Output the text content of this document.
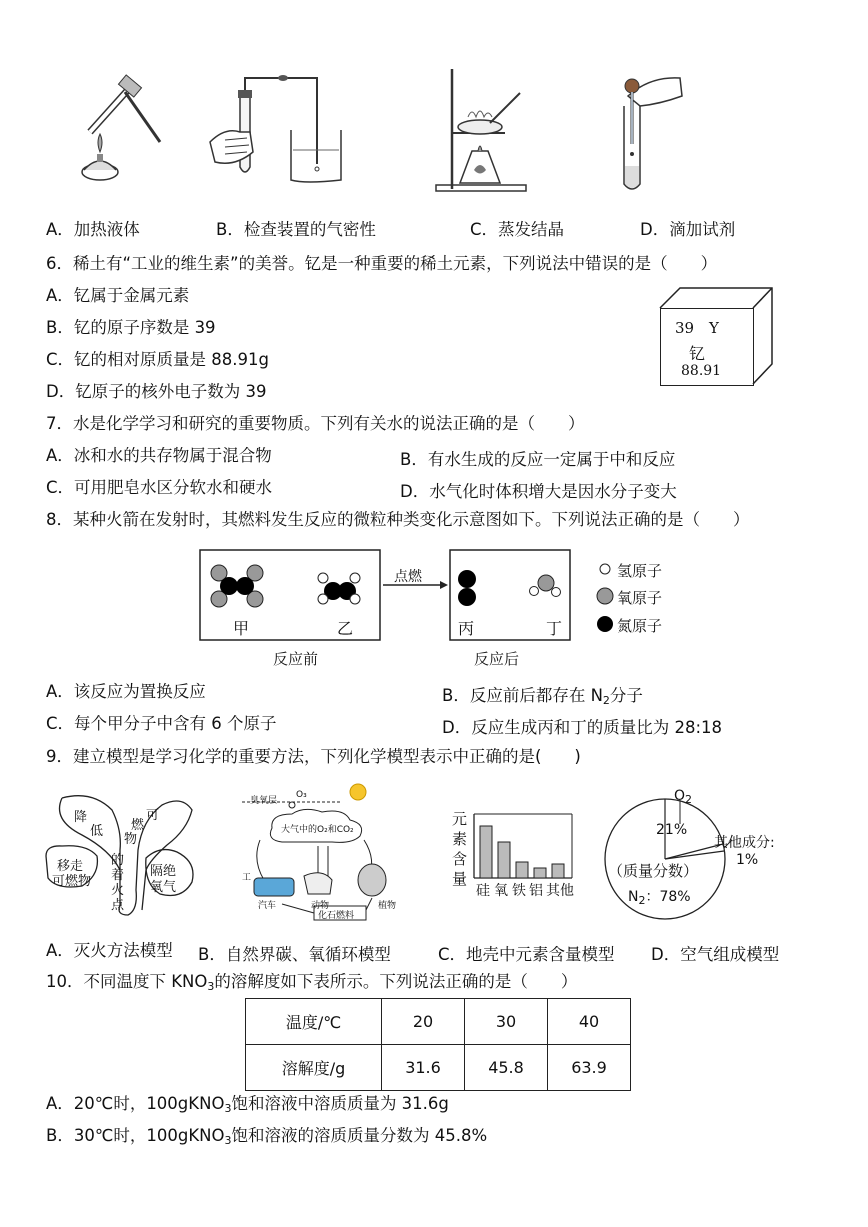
A．加热液体	B．检查装置的气密性	C．蒸发结晶	D．滴加试剂
6．稀土有“工业的维生素”的美誉。钇是一种重要的稀土元素，下列说法中错误的是（　　）
A．钇属于金属元素
B．钇的原子序数是 39
C．钇的相对原质量是 88.91g
D．钇原子的核外电子数为 39
39 Y
钇
88.91
7．水是化学学习和研究的重要物质。下列有关水的说法正确的是（　　）
A．冰和水的共存物属于混合物	B．有水生成的反应一定属于中和反应
C．可用肥皂水区分软水和硬水	D．水气化时体积增大是因水分子变大
8．某种火箭在发射时，其燃料发生反应的微粒种类变化示意图如下。下列说法正确的是（　　）
甲	乙	丙	丁
点燃
反应前	反应后
氢原子
氧原子
氮原子
A．该反应为置换反应	B．反应前后都存在 $N_2$分子
C．每个甲分子中含有 6 个原子	D．反应生成丙和丁的质量比为 28:18
9．建立模型是学习化学的重要方法，下列化学模型表示中正确的是(　　)
降
低
的
着
火
点
可
燃
物
移走
可燃物
隔绝
氧气
臭氧层
O₃
大气中的O₂和CO₂
工
汽车	动物	植物
化石燃料
元
素
含
量
硅 氧 铁 铝 其他
$O_2$
21%
其他成分:
1%
（质量分数）
$N_2$：78%
A．灭火方法模型 B．自然界碳、氧循环模型	C．地壳中元素含量模型 D．空气组成模型
10．不同温度下 $KNO_3$的溶解度如下表所示。下列说法正确的是（　　）
温度/℃	20	30	40
溶解度/g	31.6	45.8	63.9
A．20℃时，100gKNO$_3$饱和溶液中溶质质量为 31.6g
B．30℃时，100gKNO$_3$饱和溶液的溶质质量分数为 45.8%
